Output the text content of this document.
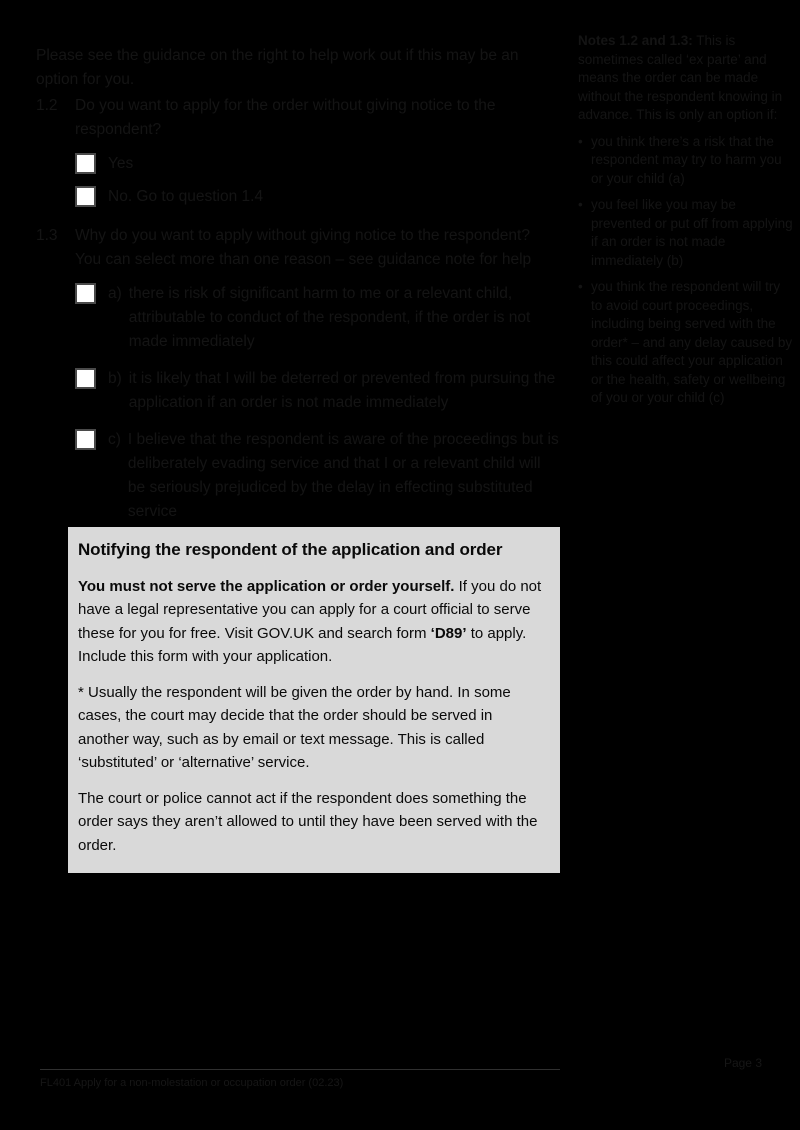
Please see the guidance on the right to help work out if this may be an option for you.

1.2	Do you want to apply for the order without giving notice to the respondent?

Yes
No. Go to question 1.4
1.3	Why do you want to apply without giving notice to the respondent? You can select more than one reason – see guidance note for help

a) there is risk of significant harm to me or a relevant child, attributable to conduct of the respondent, if the order is not made immediately
b) it is likely that I will be deterred or prevented from pursuing the application if an order is not made immediately
c) I believe that the respondent is aware of the proceedings but is deliberately evading service and that I or a relevant child will be seriously prejudiced by the delay in effecting substituted service
Notifying the respondent of the application and order

You must not serve the application or order yourself. If you do not have a legal representative you can apply for a court official to serve these for you for free. Visit GOV.UK and search form ‘D89’ to apply. Include this form with your application.

* Usually the respondent will be given the order by hand. In some cases, the court may decide that the order should be served in another way, such as by email or text message. This is called ‘substituted’ or ‘alternative’ service.

The court or police cannot act if the respondent does something the order says they aren’t allowed to until they have been served with the order.

Notes 1.2 and 1.3: This is sometimes called ‘ex parte’ and means the order can be made without the respondent knowing in advance. This is only an option if:

• you think there’s a risk that the respondent may try to harm you or your child (a)
• you feel like you may be prevented or put off from applying if an order is not made immediately (b)
• you think the respondent will try to avoid court proceedings, including being served with the order* – and any delay caused by this could affect your application or the health, safety or wellbeing of you or your child (c)
FL401 Apply for a non-molestation or occupation order (02.23)
Page 3
